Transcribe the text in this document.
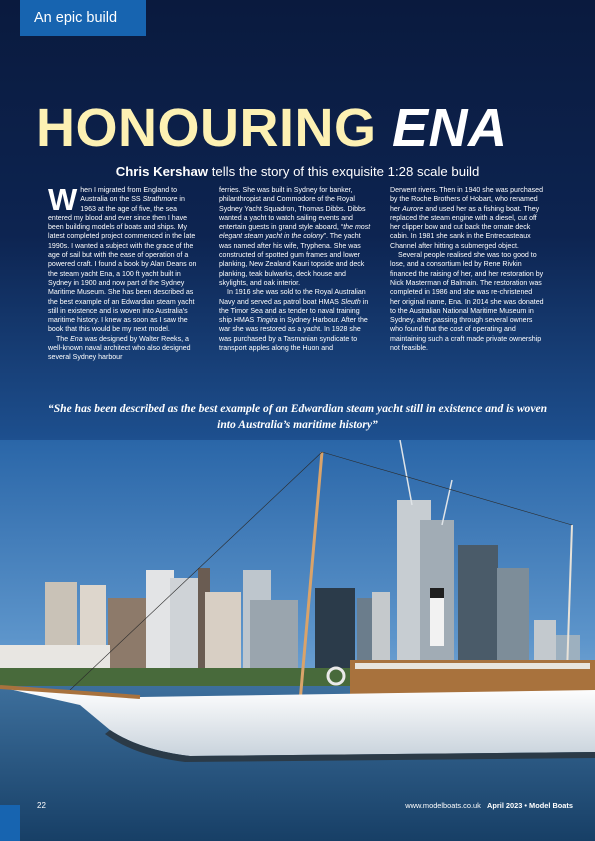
An epic build
HONOURING ENA

Chris Kershaw tells the story of this exquisite 1:28 scale build

When I migrated from England to Australia on the SS Strathmore in 1963 at the age of five, the sea entered my blood and ever since then I have been building models of boats and ships. My latest completed project commenced in the late 1990s. I wanted a subject with the grace of the age of sail but with the ease of operation of a powered craft. I found a book by Alan Deans on the steam yacht Ena, a 100 ft yacht built in Sydney in 1900 and now part of the Sydney Maritime Museum. She has been described as the best example of an Edwardian steam yacht still in existence and is woven into Australia’s maritime history. I knew as soon as I saw the book that this would be my next model.

The Ena was designed by Walter Reeks, a well-known naval architect who also designed several Sydney harbour

ferries. She was built in Sydney for banker, philanthropist and Commodore of the Royal Sydney Yacht Squadron, Thomas Dibbs. Dibbs wanted a yacht to watch sailing events and entertain guests in grand style aboard, “the most elegant steam yacht in the colony”. The yacht was named after his wife, Tryphena. She was constructed of spotted gum frames and lower planking, New Zealand Kauri topside and deck planking, teak bulwarks, deck house and skylights, and oak interior.

In 1916 she was sold to the Royal Australian Navy and served as patrol boat HMAS Sleuth in the Timor Sea and as tender to naval training ship HMAS Tingira in Sydney Harbour. After the war she was restored as a yacht. In 1928 she was purchased by a Tasmanian syndicate to transport apples along the Huon and

Derwent rivers. Then in 1940 she was purchased by the Roche Brothers of Hobart, who renamed her Aurore and used her as a fishing boat. They replaced the steam engine with a diesel, cut off her clipper bow and cut back the ornate deck cabin. In 1981 she sank in the Entrecasteaux Channel after hitting a submerged object.

Several people realised she was too good to lose, and a consortium led by Rene Rivkin financed the raising of her, and her restoration by Nick Masterman of Balmain. The restoration was completed in 1986 and she was re-christened her original name, Ena. In 2014 she was donated to the Australian National Maritime Museum in Sydney, after passing through several owners who found that the cost of operating and maintaining such a craft made private ownership not feasible.

“She has been described as the best example of an Edwardian steam yacht still in existence and is woven into Australia’s maritime history”

22	www.modelboats.co.uk April 2023 • Model Boats
